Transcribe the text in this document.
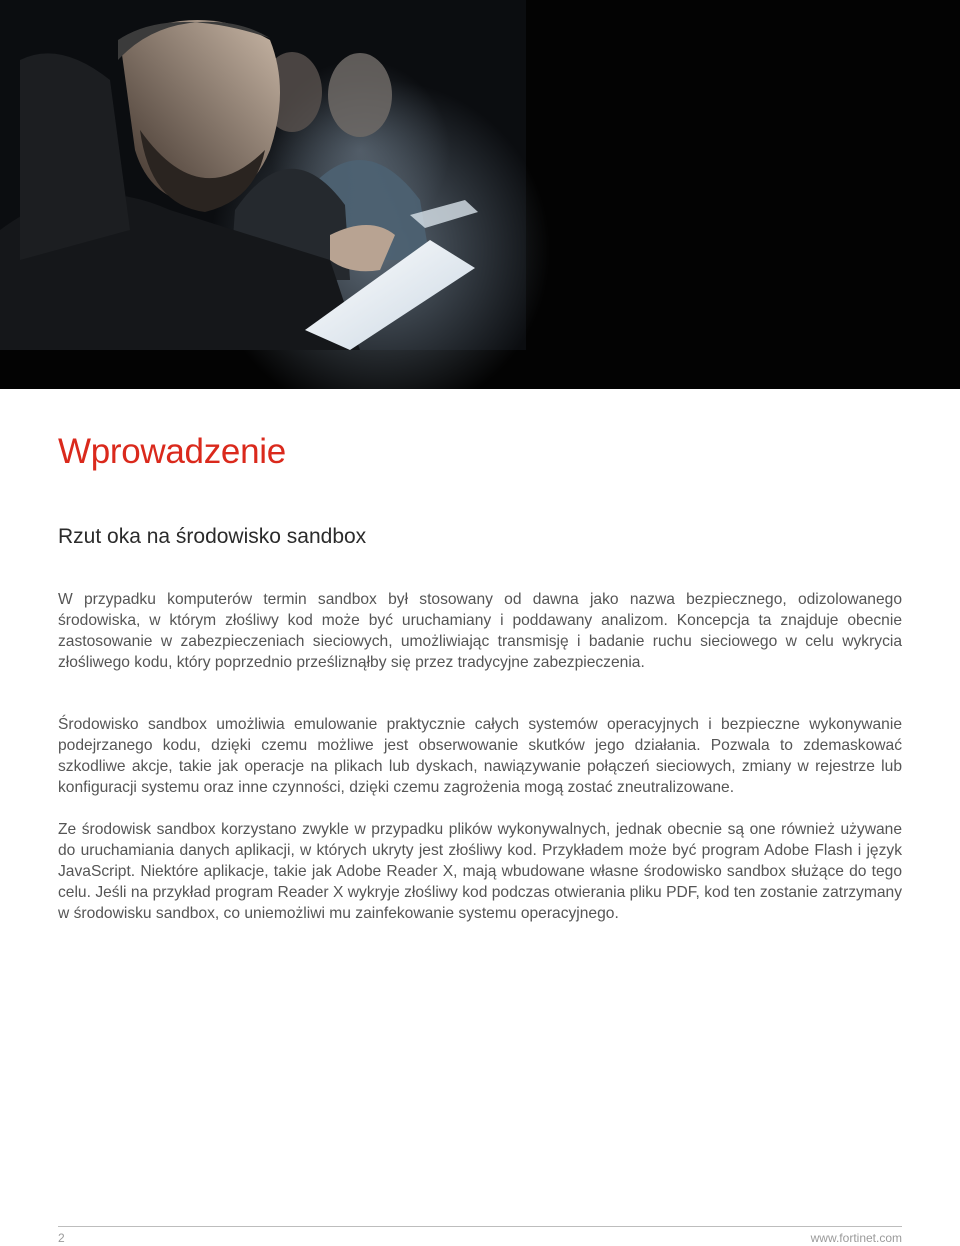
Wprowadzenie
Rzut oka na środowisko sandbox

W przypadku komputerów termin sandbox był stosowany od dawna jako nazwa bezpiecznego, odizolowanego środowiska, w którym złośliwy kod może być uruchamiany i poddawany analizom. Koncepcja ta znajduje obecnie zastosowanie w zabezpieczeniach sieciowych, umożliwiając transmisję i badanie ruchu sieciowego w celu wykrycia złośliwego kodu, który poprzednio prześliznąłby się przez tradycyjne zabezpieczenia.

Środowisko sandbox umożliwia emulowanie praktycznie całych systemów operacyjnych i bezpieczne wykonywanie podejrzanego kodu, dzięki czemu możliwe jest obserwowanie skutków jego działania. Pozwala to zdemaskować szkodliwe akcje, takie jak operacje na plikach lub dyskach, nawiązywanie połączeń sieciowych, zmiany w rejestrze lub konfiguracji systemu oraz inne czynności, dzięki czemu zagrożenia mogą zostać zneutralizowane.

Ze środowisk sandbox korzystano zwykle w przypadku plików wykonywalnych, jednak obecnie są one również używane do uruchamiania danych aplikacji, w których ukryty jest złośliwy kod. Przykładem może być program Adobe Flash i język JavaScript. Niektóre aplikacje, takie jak Adobe Reader X, mają wbudowane własne środowisko sandbox służące do tego celu. Jeśli na przykład program Reader X wykryje złośliwy kod podczas otwierania pliku PDF, kod ten zostanie zatrzymany w środowisku sandbox, co uniemożliwi mu zainfekowanie systemu operacyjnego.

2	www.fortinet.com
